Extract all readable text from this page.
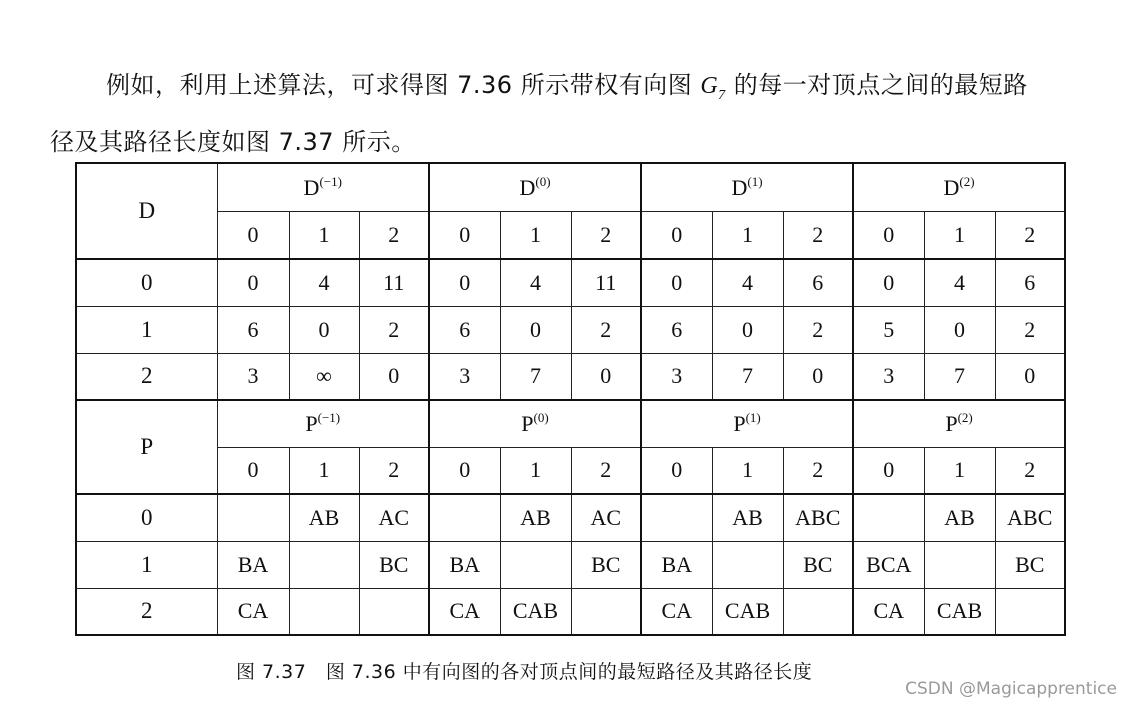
例如，利用上述算法，可求得图 7.36 所示带权有向图 $G_7$ 的每一对顶点之间的最短路
径及其路径长度如图 7.37 所示。
D	$D^{(-1)}$			$D^{(0)}$			$D^{(1)}$			$D^{(2)}$
	0	1	2	0	1	2	0	1	2	0	1	2
0	0	4	11	0	4	11	0	4	6	0	4	6
1	6	0	2	6	0	2	6	0	2	5	0	2
2	3	∞	0	3	7	0	3	7	0	3	7	0
P	$P^{(-1)}$			$P^{(0)}$			$P^{(1)}$			$P^{(2)}$
	0	1	2	0	1	2	0	1	2	0	1	2
0		AB	AC		AB	AC		AB	ABC		AB	ABC
1	BA		BC	BA		BC	BA		BC	BCA		BC
2	CA			CA	CAB		CA	CAB		CA	CAB	
图 7.37　图 7.36 中有向图的各对顶点间的最短路径及其路径长度
CSDN @Magicapprentice
